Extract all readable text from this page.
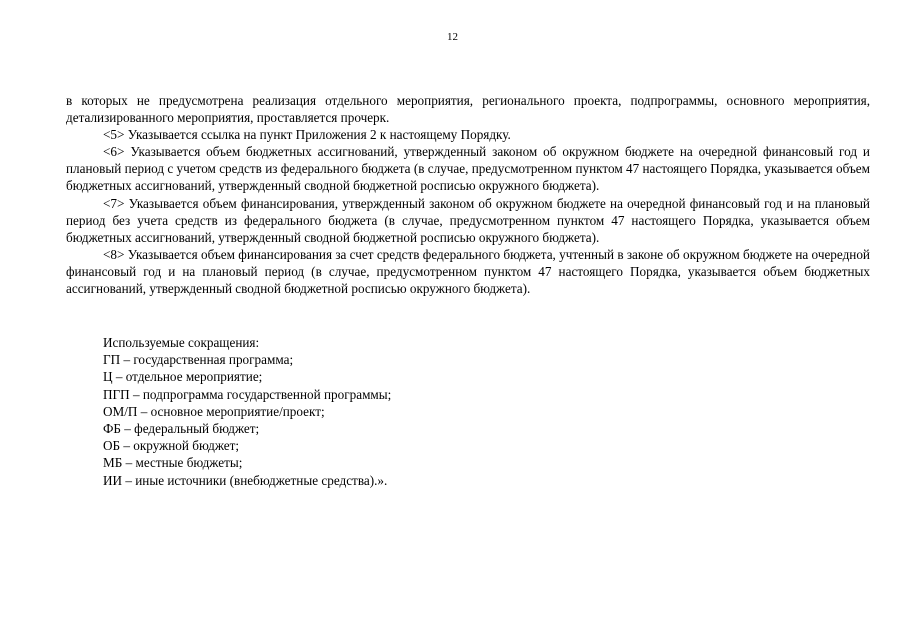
12

в которых не предусмотрена реализация отдельного мероприятия, регионального проекта, подпрограммы, основного мероприятия, детализированного мероприятия, проставляется прочерк.

<5> Указывается ссылка на пункт Приложения 2 к настоящему Порядку.

<6> Указывается объем бюджетных ассигнований, утвержденный законом об окружном бюджете на очередной финансовый год и плановый период с учетом средств из федерального бюджета (в случае, предусмотренном пунктом 47 настоящего Порядка, указывается объем бюджетных ассигнований, утвержденный сводной бюджетной росписью окружного бюджета).

<7> Указывается объем финансирования, утвержденный законом об окружном бюджете на очередной финансовый год и на плановый период без учета средств из федерального бюджета (в случае, предусмотренном пунктом 47 настоящего Порядка, указывается объем бюджетных ассигнований, утвержденный сводной бюджетной росписью окружного бюджета).

<8> Указывается объем финансирования за счет средств федерального бюджета, учтенный в законе об окружном бюджете на очередной финансовый год и на плановый период (в случае, предусмотренном пунктом 47 настоящего Порядка, указывается объем бюджетных ассигнований, утвержденный сводной бюджетной росписью окружного бюджета).

Используемые сокращения:

ГП – государственная программа;

Ц – отдельное мероприятие;

ПГП – подпрограмма государственной программы;

ОМ/П – основное мероприятие/проект;

ФБ – федеральный бюджет;

ОБ – окружной бюджет;

МБ – местные бюджеты;

ИИ – иные источники (внебюджетные средства).».
